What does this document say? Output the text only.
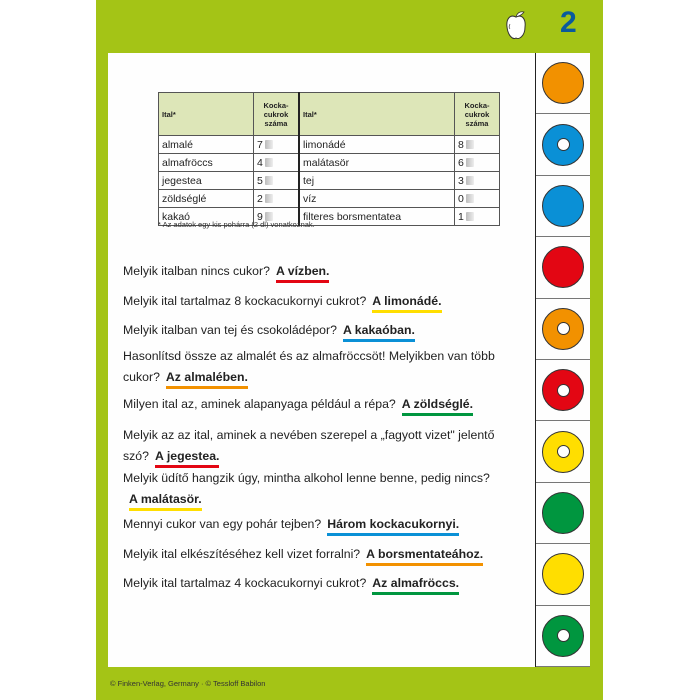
2
© Finken-Verlag, Germany · © Tessloff Babilon
Ital*	Kocka-cukrok száma	Ital*	Kocka-cukrok száma
almalé	7	limonádé	8
almafröccs	4	malátasör	6
jegestea	5	tej	3
zöldséglé	2	víz	0
kakaó	9	filteres borsmentatea	1
* Az adatok egy kis pohárra (2 dl) vonatkoznak.
Melyik italban nincs cukor? A vízben.
Melyik ital tartalmaz 8 kockacukornyi cukrot? A limonádé.
Melyik italban van tej és csokoládépor? A kakaóban.
Hasonlítsd össze az almalét és az almafröccsöt! Melyikben van több cukor? Az almalében.
Milyen ital az, aminek alapanyaga például a répa? A zöldséglé.
Melyik az az ital, aminek a nevében szerepel a „fagyott vizet" jelentő szó? A jegestea.
Melyik üdítő hangzik úgy, mintha alkohol lenne benne, pedig nincs?A malátasör.
Mennyi cukor van egy pohár tejben? Három kockacukornyi.
Melyik ital elkészítéséhez kell vizet forralni? A borsmentateához.
Melyik ital tartalmaz 4 kockacukornyi cukrot? Az almafröccs.
